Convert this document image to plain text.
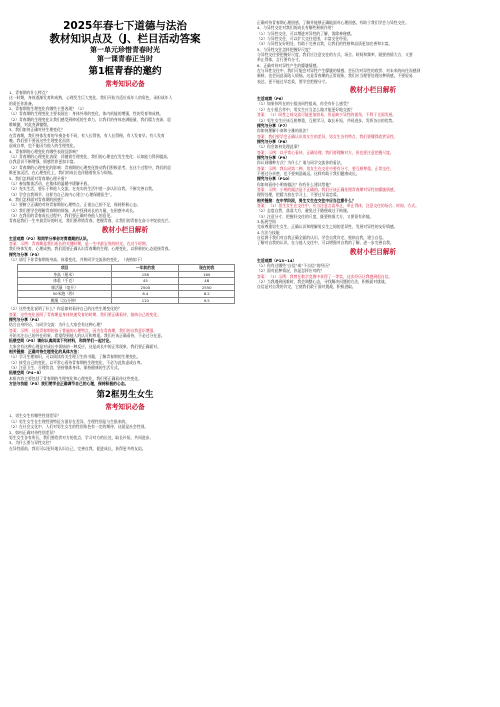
2025年春七下道德与法治
教材知识点及（J、栏目活动答案
第一单元珍惜青春时光
第一课青春正当时
第1框青春的邀约
常考知识必备
1、青春期有什么特点？
这一时期，身体逐渐发育和成熟，心理发生巨大变化，我们开始为适应成年人的角色，承担成年人
的责任作准备。
2、青春期的生理变化有哪些主要表现？（1）
（1）青春期的生理变化主要表现在：身体外形的变化，体内机能的增强，性的发育和成熟。
（2）青春期的生理变化让我们感受到伸延的生命力，让我们的身体充满能量，我们精力充沛，思
维敏捷，对此充满憧憬。
3、我们如何正确对待生理变化？
在青春期，我们身体发育的节奏各有不同，有人长得快，有人长得慢，有人发育早，有人发育
晚。我们要不要因这些生理变化而焦
虑或自卑，也不能因为他人的生理变化。
4、青春期的心理变化有哪些表现及影响？
（1）青春期的心理变化表现：伴随着生理变化，我们的心理也在发生变化：认知能力得到提高，
自我意识不断增强，情感世界更加丰富。
（2）青春期的心理变化的影响：青春期的心理变化推动我们积极思考，在这个过程中，我们的思
维更加灵活，在心理变化上，我们的成长也伴随着快乐与烦恼。
5、我们怎样面对青春期心理矛盾？
（1）参加集体活动，在集体的温暖中缓解矛盾。
（2）充实生活，要乐于和他人交流，在充实的生活中进一步认识自我，不断完善自我。
（3）学会自我调节，这样为自己的内心建立“心理保健医生”。
6、我们怎样面对青春期的困惑？
（1）要树立正确的对待青春期的心理特点，正视自己的不足，保持积极心态。
（2）我们要学会理解青春期的烦恼，从中找到成长的力量，在困惑中成长。
（3）在我们的青春成长过程中，我们要正确对待他人的意见。
青春是我们一生中最美好的时光，我们要珍惜青春，把握青春，让我们的青春在奋斗中绽放光芒。
教材小栏目解析
生活观察（P2）和同学分享你对青春期的认识。
答案：示例：青春期是我们成长的关键时期，是一生中最宝贵的时光。在这个时期，
我们身体发育、心理成熟，我们需要正确认识青春期的生理、心理变化，以积极的心态迎接青春。
探究与分享（P3）
（1）请写下你青春期的身高、体重变化，并和同学交流你的变化。（表格如下）
项目	一年前的我	现在的我
身高（厘米）	158	160
体重（千克）	45	48
肺活量（毫升）	2500	2550
50米跑（秒）	8.4	8.2
跳绳（次/分钟）	110	9.5
（2）这些变化说明了什么？你是如何看待自己的这些生理变化的？
答案：这些变化说明了青春期是身体快速发育的时期，我们要正确看待，接纳自己的变化。
探究与分享（P4）
结合自身经历，与同学交流：为什么大家会有这种心理？
答案：示例：这是青春期的孩子普遍的心理特点，因为在青春期，我们的自我意识增强，
开始关注自己的外在形象，希望得到他人的认可和尊重。我们应该正确看待，不必过分在意。
拓展空间（P5）请你认真阅读下列材料，和同学们一起讨论。
大家会有这种心理是对成长中烦恼的一种反应，这是成长中的正常现象，我们要正确面对。
相关链接：正确对待生理变化的具体方法：
（1）学习生理知识，可以阅读有关生理卫生的书籍，了解青春期的生理变化。
（2）接受自己的变化，以平常心看待青春期的生理变化，不必为此焦虑或自卑。
（3）注意卫生，合理饮食，坚持锻炼身体，保持健康的生活方式。
拓展空间（P4~5）
本框内容主要包括了青春期的生理变化和心理变化，我们要正确看待这些变化。
方法与技能（P5）我们要学会正确调节自己的心理，保持积极的心态。
第2框男生女生
常考知识必备
1、男生女生有哪些性别差异？
（1）男生女生在生理性别特征方面存在差异，生理性别是与生俱来的。
（2）在社会文化中，人们对男生女生的性别角色有一定的期待，这就是社会性别。
2、如何正确对待性别差异？
男生女生各有所长，我们要欣赏对方的优点，学习对方的长处，取长补短，共同进步。
3、为什么要与异性交往？
在异性面前，我们可以更好地认识自己，完善自我，促进成长，获得更多的友谊。
正确对待青春期心理困惑，了解并能够正确地面对心理困惑。有助于我们学会与异性交往。
4、与异性交往对我们的成长有哪些积极作用？
（1）与异性交往，可以增进对异性的了解，消除神秘感。
（2）与异性交往，可以扩大交往范围，丰富交往经验。
（3）与异性友好相处，有助于完善自我，让我们的性格和品质更加完善和丰富。
5、与异性交往怎样把握好尺度？
与异性交往要把握好尺度，我们应注意交往的方式、场合、时间和频率，既要热情大方，又要
举止得体，言行要有分寸。
6、正确对待对异性产生的朦胧情感。
在与异性交往中，我们可能会对异性产生朦胧的情感，会因为对异性的欣赏、对未来的向往而感到
新鲜，也会因此而陷入烦恼。这是青春期的正常现象，我们应当理智处理这种情感，不要轻易
表达，更不能过早恋爱，要学会把握分寸。
教材小栏目解析
生活观察（P6）
（1）如果你所在的小组由同性组成，你会有什么感受？
（2）在小组合作中，男女生应当怎么做才能更好地交流？
答案：（1）同性之间交流可能更加容易，但是缺少异性的视角，不利于全面发展。
（2）男生女生应该互相尊重，互相学习，取长补短，共同进步，发挥各自的优势。
探究与分享（P7）
你如何理解小南和小雅的说法？
答案：我们要学会正确认识男女生的差异，男女生各有特点，我们要懂得欣赏异性。
探究与分享（P8）
（1）你会如何处理此事？
答案：示例：以平常心看待，正确处理，我们要理解对方，但也要注意把握尺度。
探究与分享（P9）
你认同哪种方式？为什么？请与同学交流你的看法。
答案：示例：我认同第二种。男女生在交往中要有分寸，要互相尊重，正常交往，
不要过分亲密，也不要刻意疏远。这样有助于我们健康成长。
探究与分享（P10）
你如何看待小明的做法？你有什么建议给他？
答案：示例：小明的做法是不正确的。我们应该正确处理青春期对异性的朦胧情感，
理智处理，把精力放在学习上，不要过早谈恋爱。
相关链接：在中学阶段，男生女生在交往中应当注意什么？
答案：（1）男生女生在交往中，应当注意言谈举止，举止得体，注意交往的场合、时间、方式。
（2）态度自然，落落大方，避免过于随便或过于拘谨。
（3）注意分寸，把握好交往的尺度，既要热情大方，又要留有余地。
3.拓展空间
完成尊重男生女生，正确认识和理解男女生之间的差异性，发展对异性的友好情感。
4.方法与技能
自信源于我们对自我正确全面的认识，学会自我肯定，悦纳自我，建立自信。
了解对自我的认识，在与他人交往中，可以增强对自我的了解，进一步完善自我。
教材小栏目解析
生活观察（P13~14）
（1）你有过哪些”自信”或”不自信”的经历？
（2）面对此种情况，你是怎样应对的？
答案：（1）示例：我曾在数学竞赛中获得了一等奖，这次经历让我感到很自信。
（2）当我遇到困难时，我会调整心态，寻找解决问题的方法，积极面对挑战。
自信是对自我的肯定，它使我们敢于面对挑战，积极进取。
